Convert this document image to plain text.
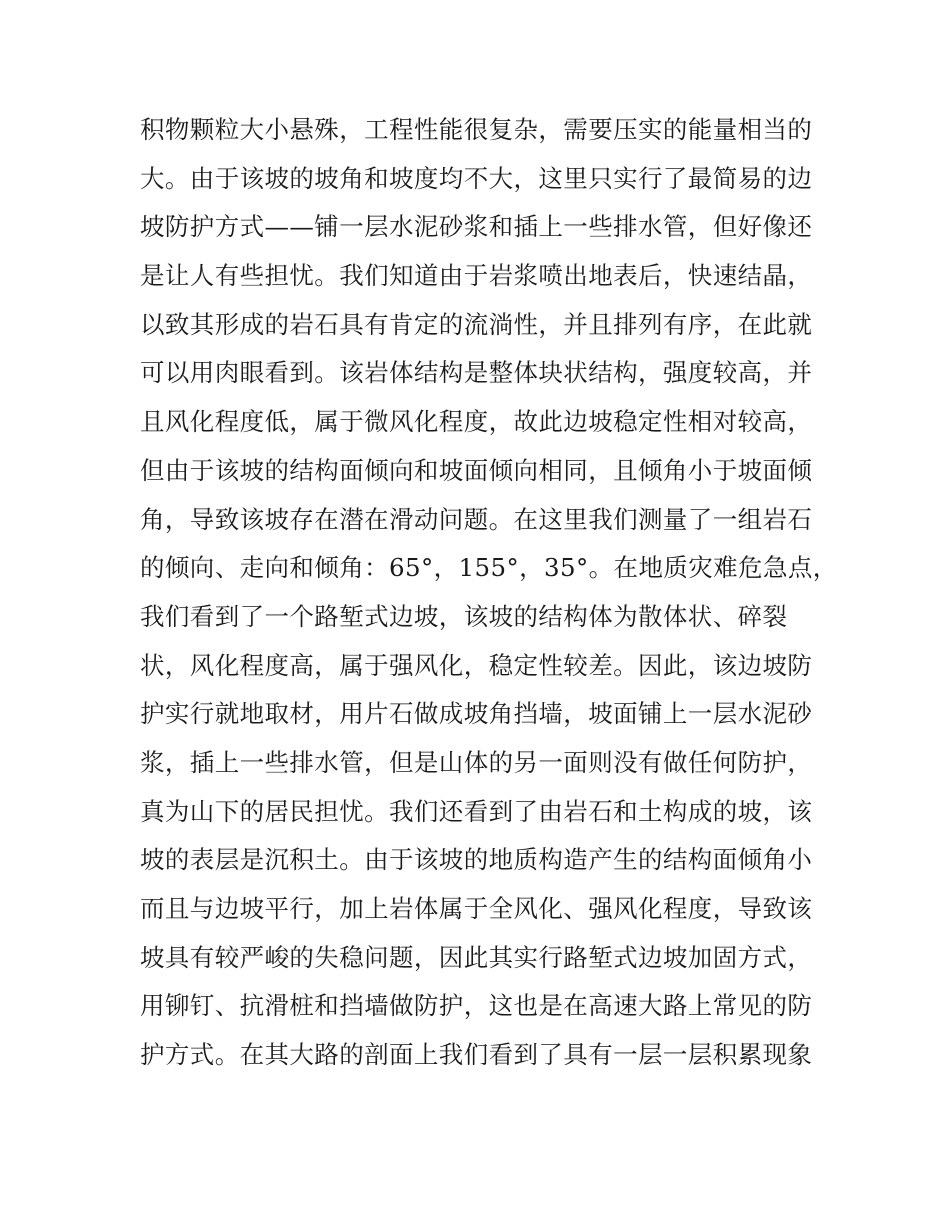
积物颗粒大小悬殊，工程性能很复杂，需要压实的能量相当的
大。由于该坡的坡角和坡度均不大，这里只实行了最简易的边
坡防护方式——铺一层水泥砂浆和插上一些排水管，但好像还
是让人有些担忧。我们知道由于岩浆喷出地表后，快速结晶，
以致其形成的岩石具有肯定的流淌性，并且排列有序，在此就
可以用肉眼看到。该岩体结构是整体块状结构，强度较高，并
且风化程度低，属于微风化程度，故此边坡稳定性相对较高，
但由于该坡的结构面倾向和坡面倾向相同，且倾角小于坡面倾
角，导致该坡存在潜在滑动问题。在这里我们测量了一组岩石
的倾向、走向和倾角：65°，155°，35°。在地质灾难危急点，
我们看到了一个路堑式边坡，该坡的结构体为散体状、碎裂
状，风化程度高，属于强风化，稳定性较差。因此，该边坡防
护实行就地取材，用片石做成坡角挡墙，坡面铺上一层水泥砂
浆，插上一些排水管，但是山体的另一面则没有做任何防护，
真为山下的居民担忧。我们还看到了由岩石和土构成的坡，该
坡的表层是沉积土。由于该坡的地质构造产生的结构面倾角小
而且与边坡平行，加上岩体属于全风化、强风化程度，导致该
坡具有较严峻的失稳问题，因此其实行路堑式边坡加固方式，
用铆钉、抗滑桩和挡墙做防护，这也是在高速大路上常见的防
护方式。在其大路的剖面上我们看到了具有一层一层积累现象
